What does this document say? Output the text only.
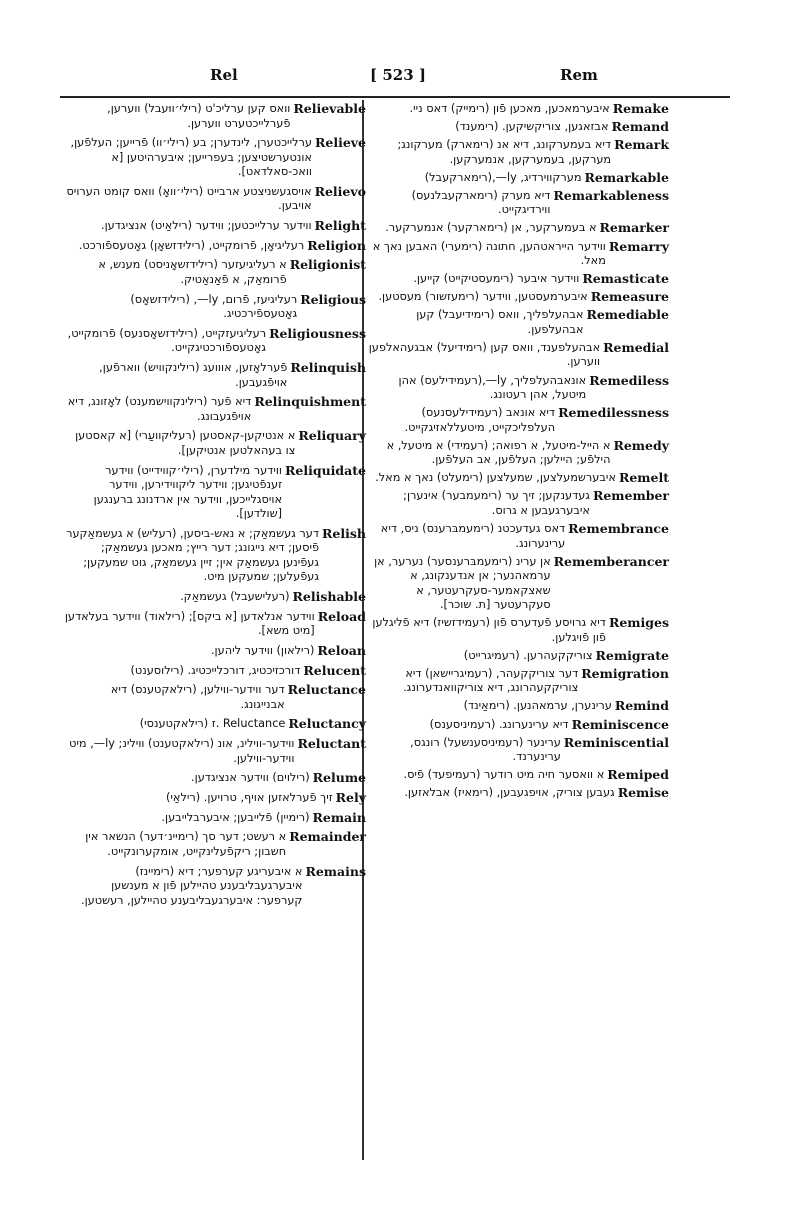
Rel	[ 523 ]	Rem
Relievable
וואס קען ערליכ'ט (רילי׳ווּעבל) ווערען, פֿערלייכטערט ווערען.
Relieve
ערלייכטערן, לינדערן; בע (רילי׳וו) פֿרייען; העלפֿען, אונטערשטיצען; בעפרייען; איבערהיטען [א וואכ-סאלדאט].
Relievo
אויסגעשניצטע ארבייט (רילי׳וואָ) וואס קומט הערויס אויבען.
Relight
ווידער ערלייכטען; ווידער (רילאַיט) אנציגדען.
Religion
רעליגיאָן, פֿרומקייט, (רילידזשאָן) גאָטעספֿורכט.
Religionist
א רעליגיעזער (רילידזשאָניסט) מענש, א פֿרומאַק, א פֿאַנאַטיק.
Religious
רעליגיעז, פֿרום, ly—, (רילידזשאָס) גאָטעספֿירכטיג.
Religiousness
רעליגיעזקייט, (רילידזשאָסנעס) פֿרומקייט, גאָטעספֿורכטיגקייט.
Relinquish
פֿערלאָזען, אווועג (רילינקוויש) ווארפֿען, אויפֿגעבען.
Relinquishment
דיא פֿער (רילינקווישמענט) לאָזונג, דיא אויפֿגעבונג.
Reliquary
א אנטיקען-קאסטען (רעליקוועַרי) [א קאסטען צו בעהאלטען אנטיקען].
Reliquidate
ווידער מילדערן, (רילי׳קווידייט) ווידער זענפֿטיגען; ווידער ליקווידירען, ווידער אויסגלייכען, ווידער אין ארדנונג ברענגען [שולדען].
Relish
דער געשמאַק; א נאש-ביסען, (רעליש) א געשמאַקער פֿיסען; דיא נייגונג; דער רייץ; מאכען געשמאַק; געפֿינען געשמאַק אין; זיין געשמאַק, גוט שמעקען; געפֿעלען; שמעקען מיט.
Relishable
(רעלישעבל) געשמאַק.
Reload
ווידער אנלאדען [א ביקס]; (רילאוד) ווידער בעלאדען [מיט משא].
Reloan
(רילאון) ווידער ליהען.
Relucent
דורכזיכטיג, דורכלייכטיג. (רילוסענט)
Reluctance
דער ווידער-ווילען, (רילאקטענס) דיא אבנייגונג.
Reluctancy
Reluctance .ז (רילאקטענסי)
Reluctant
ווידער-ווילינ, אונ (רילאקטענט) ווילינ; ly—, מיט ווידער-ווילען.
Relume
(רילוים) ווידער אנציגדען.
Rely
זיך פֿערלאזען אויף, טרויען. (רילאַי)
Remain
(רימיין) פֿלייבען; איבערבלייבען.
Remainder
א רעשט; דער סך (רימיינ׳דער) הנשאר אין חשבון; ריקפֿעלינקייט, אומקערונקייט.
Remains
א איבעריגע קערפער; דיא (רימיינז) איבערגעבליבענע טהיילען פֿון א מענשען קערפער: איבערגעבליבענע טהיילען, רעשטען.
Remake
איבערמאכען, מאכען פֿון (רימייק) דאס ניי.
Remand
אבזאגען, צוריקשיקען. (רימענד)
Remark
דיא בעמערקונג, דיא אנ (רימארק) מערקונג; מערקען, בעמערקען, אנמערקען.
Remarkable
מערקווירדיג, ly—,(רימארקעבל)
Remarkableness
דיא מערק (רימארקעבלנעס) ווירדיגקייט.
Remarker
א בעמערקער, אן (רימארקער) אנמערקער.
Remarry
ווידער הייראטהען, חתונה (רימערי) האבען נאך א מאל.
Remasticate
ווידער איבער (רימעסטיקייט) קייען.
Remeasure
איבערמעסטען, ווידער (רימעזשור) מעסטען.
Remediable
אבהעלפליך, וואס (רימידיעבל) קען אבהעלפען.
Remedial
אבהעלפענד, וואס קען (רימידיעל) אבגעהאלפען ווערען.
Remediless
אונאבהעלפליך, ly—,(רעמידילעס) אהן מיטעל, אהן רעטונג.
Remedilessness
דיא אונאב (רעמידילעסנעס) העלפליכקייט, מיטעללאזיגקייט.
Remedy
א הייל-מיטעל, א רפואה; (רעמידי) א מיטעל, א הילפֿע; היילען; העלפֿען, אב העלפֿען.
Remelt
איבערשמעלצען, שמעלצען (רימעלט) נאך א מאל.
Remember
געדענקען; זיך ער (רימעמבער) אינערן; איבערגעבען א גרוס.
Remembrance
דאס געדעכטנ (רימעמבּרענס) ניס, דיא ערינערונג.
Rememberancer
אן ערינ (רימעמבּרענסער) נערער, אן ערמאהנער; אן אנדענקונג, א שאצקאמער-סעקרעטער, א סעקרעטער [ת. שוכר].
Remiges
דיא גרויסע פֿעדערס פֿון (רעמידזשיז) דיא פֿליגלען פֿון פֿויגלען.
Remigrate
צוריקקעהרען. (רעמיגרייט)
Remigration
דער צוריקקעהר, (רעמיגריישאן) דיא צוריקקעהרונג, דיא צוריקוואנדערונג.
Remind
ערינערן, ערמאהנען. (רימאַינד)
Reminiscence
דיא ערינערונג. (רעמיניסענס)
Reminiscential
ערינער (רעמיניסענשעל) רונגס, ערינערנד.
Remiped
א וואסער חיה מיט רודער (רעמיפעד) פֿיס.
Remise
געבען צוריק, אויפגעבען, (רימאיז) אבלאזען.
